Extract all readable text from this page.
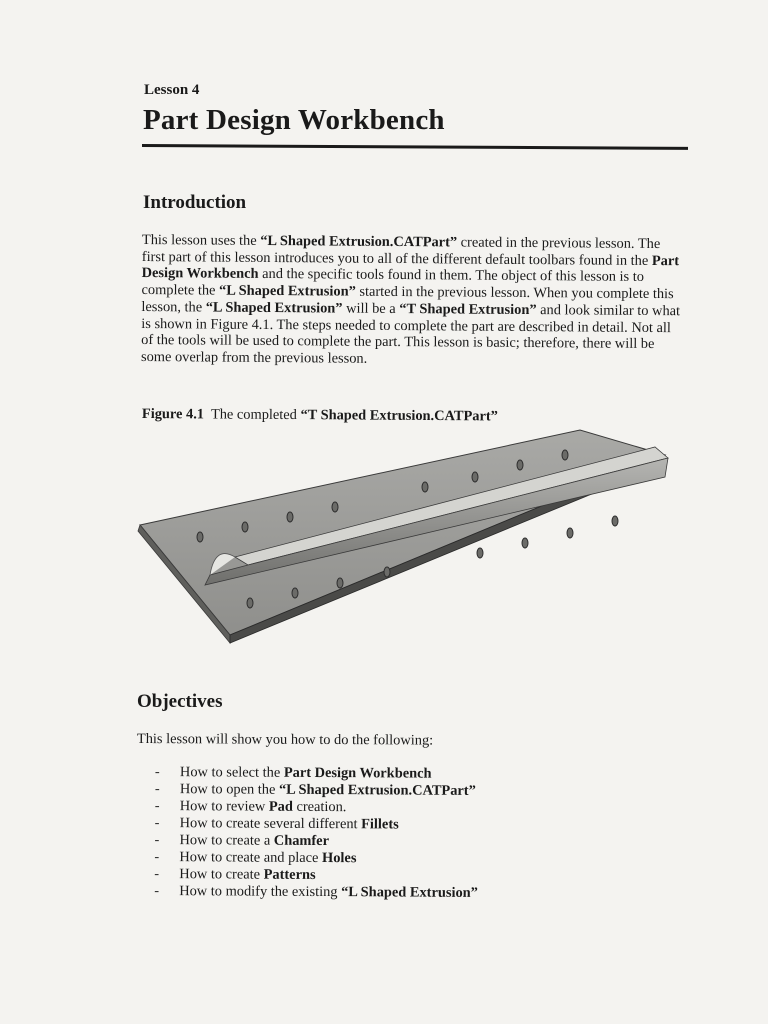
Lesson 4
Part Design Workbench
Introduction

This lesson uses the “L Shaped Extrusion.CATPart” created in the previous lesson. The first part of this lesson introduces you to all of the different default toolbars found in the Part Design Workbench and the specific tools found in them. The object of this lesson is to complete the “L Shaped Extrusion” started in the previous lesson. When you complete this lesson, the “L Shaped Extrusion” will be a “T Shaped Extrusion” and look similar to what is shown in Figure 4.1. The steps needed to complete the part are described in detail. Not all of the tools will be used to complete the part. This lesson is basic; therefore, there will be some overlap from the previous lesson.

Figure 4.1 The completed “T Shaped Extrusion.CATPart”

Objectives

This lesson will show you how to do the following:

- How to select the Part Design Workbench
- How to open the “L Shaped Extrusion.CATPart”
- How to review Pad creation.
- How to create several different Fillets
- How to create a Chamfer
- How to create and place Holes
- How to create Patterns
- How to modify the existing “L Shaped Extrusion”
